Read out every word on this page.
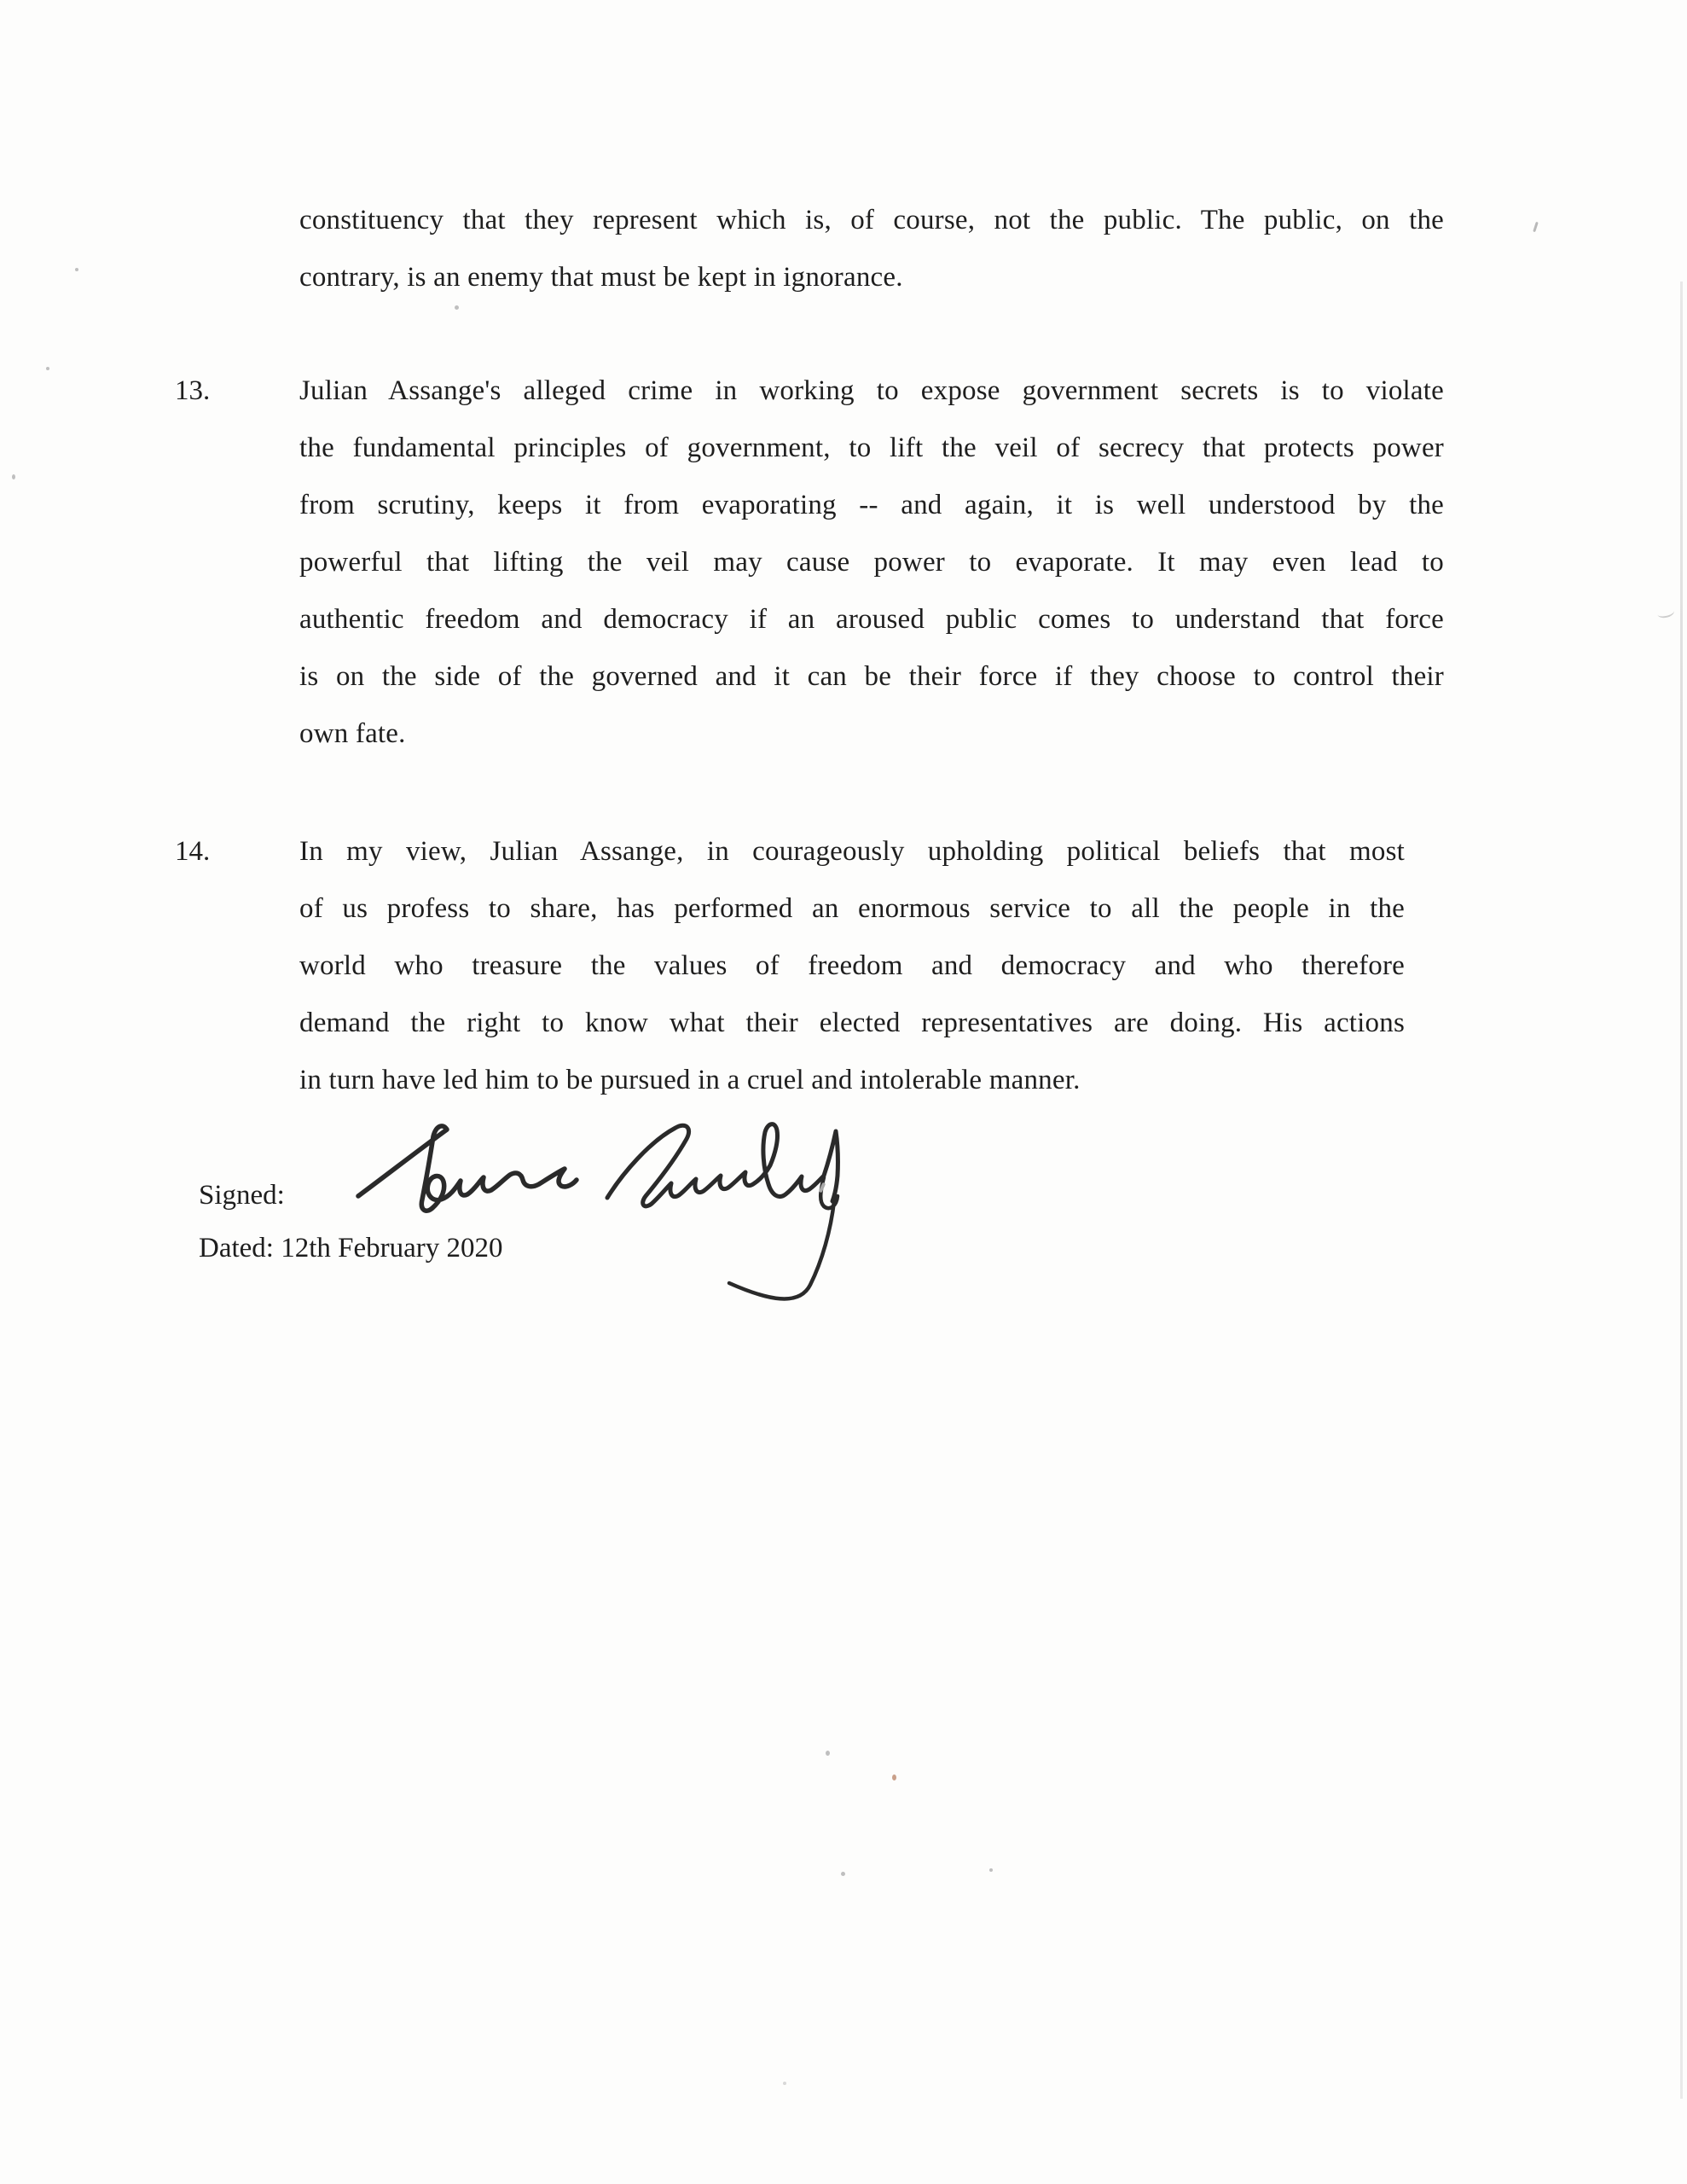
constituency that they represent which is, of course, not the public. The public, on the
contrary, is an enemy that must be kept in ignorance.
13.	Julian Assange's alleged crime in working to expose government secrets is to violate
the fundamental principles of government, to lift the veil of secrecy that protects power
from scrutiny, keeps it from evaporating -- and again, it is well understood by the
powerful that lifting the veil may cause power to evaporate. It may even lead to
authentic freedom and democracy if an aroused public comes to understand that force
is on the side of the governed and it can be their force if they choose to control their
own fate.
14.	In my view, Julian Assange, in courageously upholding political beliefs that most
of us profess to share, has performed an enormous service to all the people in the
world who treasure the values of freedom and democracy and who therefore
demand the right to know what their elected representatives are doing. His actions
in turn have led him to be pursued in a cruel and intolerable manner.
Signed:
Dated: 12th February 2020
